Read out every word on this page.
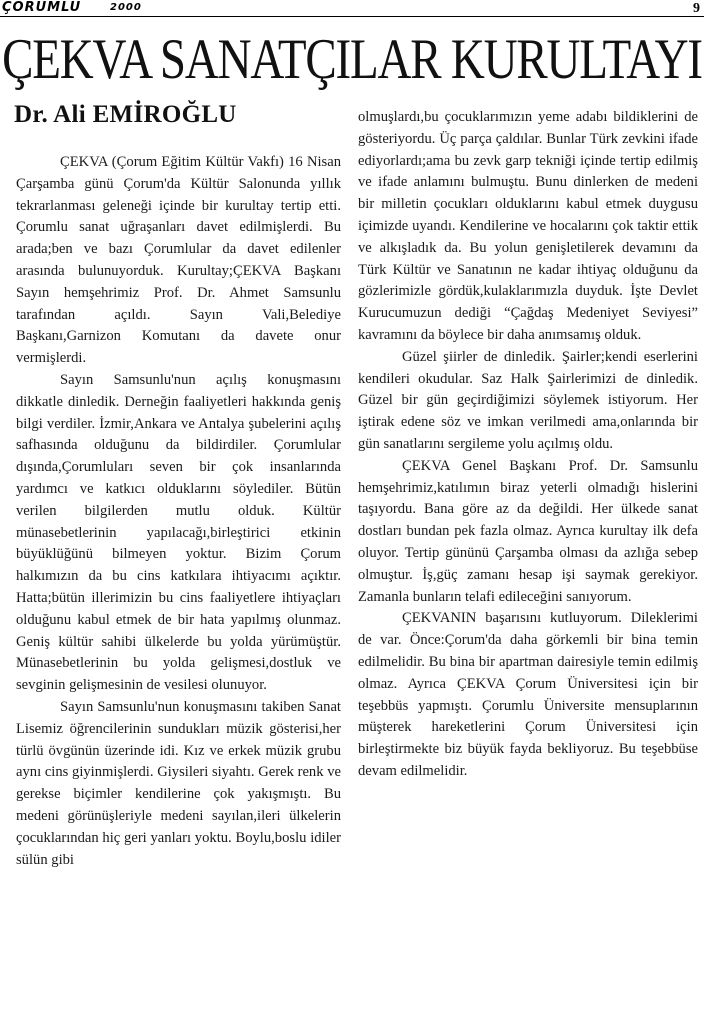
ÇORUMLU	2000	9
ÇEKVA SANATÇILAR KURULTAYI
Dr. Ali EMİROĞLU

ÇEKVA (Çorum Eğitim Kültür Vakfı) 16 Nisan Çarşamba günü Çorum'da Kültür Salonunda yıllık tekrarlanması geleneği içinde bir kurultay tertip etti. Çorumlu sanat uğraşanları davet edilmişlerdi. Bu arada;ben ve bazı Çorumlular da davet edilenler arasında bulunuyorduk. Kurultay;ÇEKVA Başkanı Sayın hemşehrimiz Prof. Dr. Ahmet Samsunlu tarafından açıldı. Sayın Vali,Belediye Başkanı,Garnizon Komutanı da davete onur vermişlerdi.

Sayın Samsunlu'nun açılış konuşmasını dikkatle dinledik. Derneğin faaliyetleri hakkında geniş bilgi verdiler. İzmir,Ankara ve Antalya şubelerini açılış safhasında olduğunu da bildirdiler. Çorumlular dışında,Çorumluları seven bir çok insanlarında yardımcı ve katkıcı olduklarını söylediler. Bütün verilen bilgilerden mutlu olduk. Kültür münasebetlerinin yapılacağı,birleştirici etkinin büyüklüğünü bilmeyen yoktur. Bizim Çorum halkımızın da bu cins katkılara ihtiyacımı açıktır. Hatta;bütün illerimizin bu cins faaliyetlere ihtiyaçları olduğunu kabul etmek de bir hata yapılmış olunmaz. Geniş kültür sahibi ülkelerde bu yolda yürümüştür. Münasebetlerinin bu yolda gelişmesi,dostluk ve sevginin gelişmesinin de vesilesi olunuyor.

Sayın Samsunlu'nun konuşmasını takiben Sanat Lisemiz öğrencilerinin sundukları müzik gösterisi,her türlü övgünün üzerinde idi. Kız ve erkek müzik grubu aynı cins giyinmişlerdi. Giysileri siyahtı. Gerek renk ve gerekse biçimler kendilerine çok yakışmıştı. Bu medeni görünüşleriyle medeni sayılan,ileri ülkelerin çocuklarından hiç geri yanları yoktu. Boylu,boslu idiler sülün gibi

olmuşlardı,bu çocuklarımızın yeme adabı bildiklerini de gösteriyordu. Üç parça çaldılar. Bunlar Türk zevkini ifade ediyorlardı;ama bu zevk garp tekniği içinde tertip edilmiş ve ifade anlamını bulmuştu. Bunu dinlerken de medeni bir milletin çocukları olduklarını kabul etmek duygusu içimizde uyandı. Kendilerine ve hocalarını çok taktir ettik ve alkışladık da. Bu yolun genişletilerek devamını da Türk Kültür ve Sanatının ne kadar ihtiyaç olduğunu da gözlerimizle gördük,kulaklarımızla duyduk. İşte Devlet Kurucumuzun dediği “Çağdaş Medeniyet Seviyesi” kavramını da böylece bir daha anımsamış olduk.

Güzel şiirler de dinledik. Şairler;kendi eserlerini kendileri okudular. Saz Halk Şairlerimizi de dinledik. Güzel bir gün geçirdiğimizi söylemek istiyorum. Her iştirak edene söz ve imkan verilmedi ama,onlarında bir gün sanatlarını sergileme yolu açılmış oldu.

ÇEKVA Genel Başkanı Prof. Dr. Samsunlu hemşehrimiz,katılımın biraz yeterli olmadığı hislerini taşıyordu. Bana göre az da değildi. Her ülkede sanat dostları bundan pek fazla olmaz. Ayrıca kurultay ilk defa oluyor. Tertip gününü Çarşamba olması da azlığa sebep olmuştur. İş,güç zamanı hesap işi saymak gerekiyor. Zamanla bunların telafi edileceğini sanıyorum.

ÇEKVANIN başarısını kutluyorum. Dileklerimi de var. Önce:Çorum'da daha görkemli bir bina temin edilmelidir. Bu bina bir apartman dairesiyle temin edilmiş olmaz. Ayrıca ÇEKVA Çorum Üniversitesi için bir teşebbüs yapmıştı. Çorumlu Üniversite mensuplarının müşterek hareketlerini Çorum Üniversitesi için birleştirmekte biz büyük fayda bekliyoruz. Bu teşebbüse devam edilmelidir.
